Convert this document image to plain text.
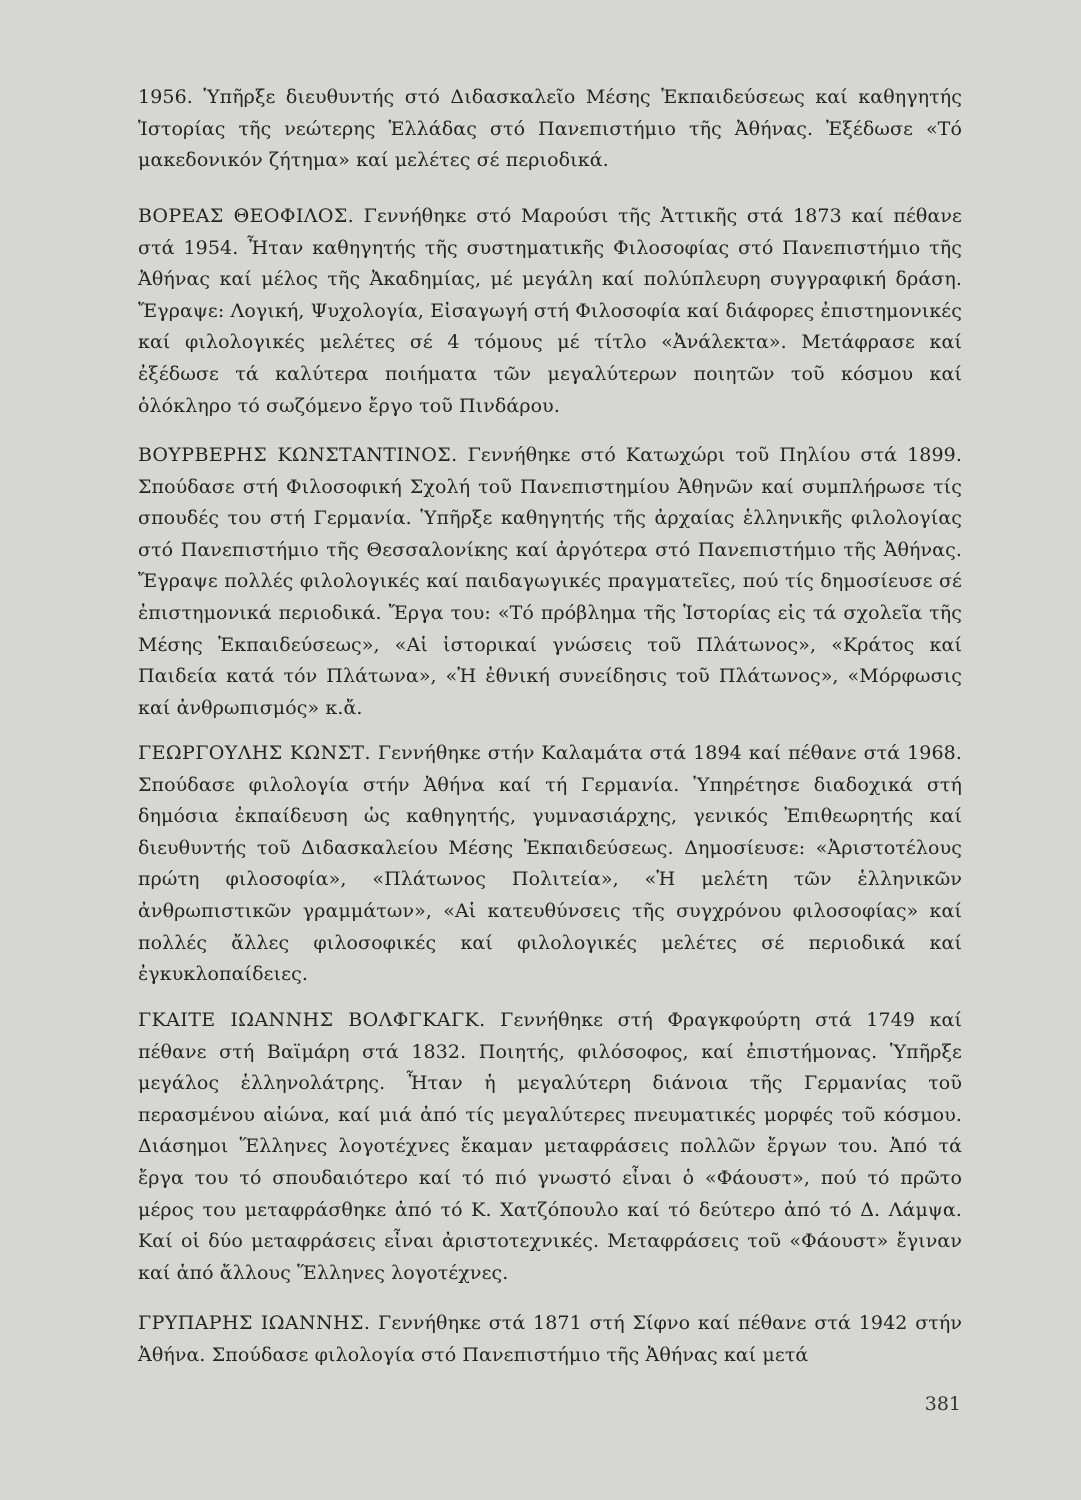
1956. Ὑπῆρξε διευθυντής στό Διδασκαλεῖο Μέσης Ἐκπαιδεύσεως καί καθηγητής Ἱστορίας τῆς νεώτερης Ἑλλάδας στό Πανεπιστήμιο τῆς Ἀθήνας. Ἐξέδωσε «Τό μακεδονικόν ζήτημα» καί μελέτες σέ περιοδικά.

ΒΟΡΕΑΣ ΘΕΟΦΙΛΟΣ. Γεννήθηκε στό Μαρούσι τῆς Ἀττικῆς στά 1873 καί πέθανε στά 1954. Ἦταν καθηγητής τῆς συστηματικῆς Φιλοσοφίας στό Πανεπιστήμιο τῆς Ἀθήνας καί μέλος τῆς Ἀκαδημίας, μέ μεγάλη καί πολύπλευρη συγγραφική δράση. Ἔγραψε: Λογική, Ψυχολογία, Εἰσαγωγή στή Φιλοσοφία καί διάφορες ἐπιστημονικές καί φιλολογικές μελέτες σέ 4 τόμους μέ τίτλο «Ἀνάλεκτα». Μετάφρασε καί ἐξέδωσε τά καλύτερα ποιήματα τῶν μεγαλύτερων ποιητῶν τοῦ κόσμου καί ὁλόκληρο τό σωζόμενο ἔργο τοῦ Πινδάρου.

ΒΟΥΡΒΕΡΗΣ ΚΩΝΣΤΑΝΤΙΝΟΣ. Γεννήθηκε στό Κατωχώρι τοῦ Πηλίου στά 1899. Σπούδασε στή Φιλοσοφική Σχολή τοῦ Πανεπιστημίου Ἀθηνῶν καί συμπλήρωσε τίς σπουδές του στή Γερμανία. Ὑπῆρξε καθηγητής τῆς ἀρχαίας ἑλληνικῆς φιλολογίας στό Πανεπιστήμιο τῆς Θεσσαλονίκης καί ἀργότερα στό Πανεπιστήμιο τῆς Ἀθήνας. Ἔγραψε πολλές φιλολογικές καί παιδαγωγικές πραγματεῖες, πού τίς δημοσίευσε σέ ἐπιστημονικά περιοδικά. Ἔργα του: «Τό πρόβλημα τῆς Ἱστορίας εἰς τά σχολεῖα τῆς Μέσης Ἐκπαιδεύσεως», «Αἱ ἱστορικαί γνώσεις τοῦ Πλάτωνος», «Κράτος καί Παιδεία κατά τόν Πλάτωνα», «Ἡ ἐθνική συνείδησις τοῦ Πλάτωνος», «Μόρφωσις καί ἀνθρωπισμός» κ.ἄ.

ΓΕΩΡΓΟΥΛΗΣ ΚΩΝΣΤ. Γεννήθηκε στήν Καλαμάτα στά 1894 καί πέθανε στά 1968. Σπούδασε φιλολογία στήν Ἀθήνα καί τή Γερμανία. Ὑπηρέτησε διαδοχικά στή δημόσια ἐκπαίδευση ὡς καθηγητής, γυμνασιάρχης, γενικός Ἐπιθεωρητής καί διευθυντής τοῦ Διδασκαλείου Μέσης Ἐκπαιδεύσεως. Δημοσίευσε: «Ἀριστοτέλους πρώτη φιλοσοφία», «Πλάτωνος Πολιτεία», «Ἡ μελέτη τῶν ἑλληνικῶν ἀνθρωπιστικῶν γραμμάτων», «Αἱ κατευθύνσεις τῆς συγχρόνου φιλοσοφίας» καί πολλές ἄλλες φιλοσοφικές καί φιλολογικές μελέτες σέ περιοδικά καί ἐγκυκλοπαίδειες.

ΓΚΑΙΤΕ ΙΩΑΝΝΗΣ ΒΟΛΦΓΚΑΓΚ. Γεννήθηκε στή Φραγκφούρτη στά 1749 καί πέθανε στή Βαϊμάρη στά 1832. Ποιητής, φιλόσοφος, καί ἐπιστήμονας. Ὑπῆρξε μεγάλος ἑλληνολάτρης. Ἦταν ἡ μεγαλύτερη διάνοια τῆς Γερμανίας τοῦ περασμένου αἰώνα, καί μιά ἀπό τίς μεγαλύτερες πνευματικές μορφές τοῦ κόσμου. Διάσημοι Ἕλληνες λογοτέχνες ἔκαμαν μεταφράσεις πολλῶν ἔργων του. Ἀπό τά ἔργα του τό σπουδαιότερο καί τό πιό γνωστό εἶναι ὁ «Φάουστ», πού τό πρῶτο μέρος του μεταφράσθηκε ἀπό τό Κ. Χατζόπουλο καί τό δεύτερο ἀπό τό Δ. Λάμψα. Καί οἱ δύο μεταφράσεις εἶναι ἀριστοτεχνικές. Μεταφράσεις τοῦ «Φάουστ» ἔγιναν καί ἀπό ἄλλους Ἕλληνες λογοτέχνες.

ΓΡΥΠΑΡΗΣ ΙΩΑΝΝΗΣ. Γεννήθηκε στά 1871 στή Σίφνο καί πέθανε στά 1942 στήν Ἀθήνα. Σπούδασε φιλολογία στό Πανεπιστήμιο τῆς Ἀθήνας καί μετά

381
